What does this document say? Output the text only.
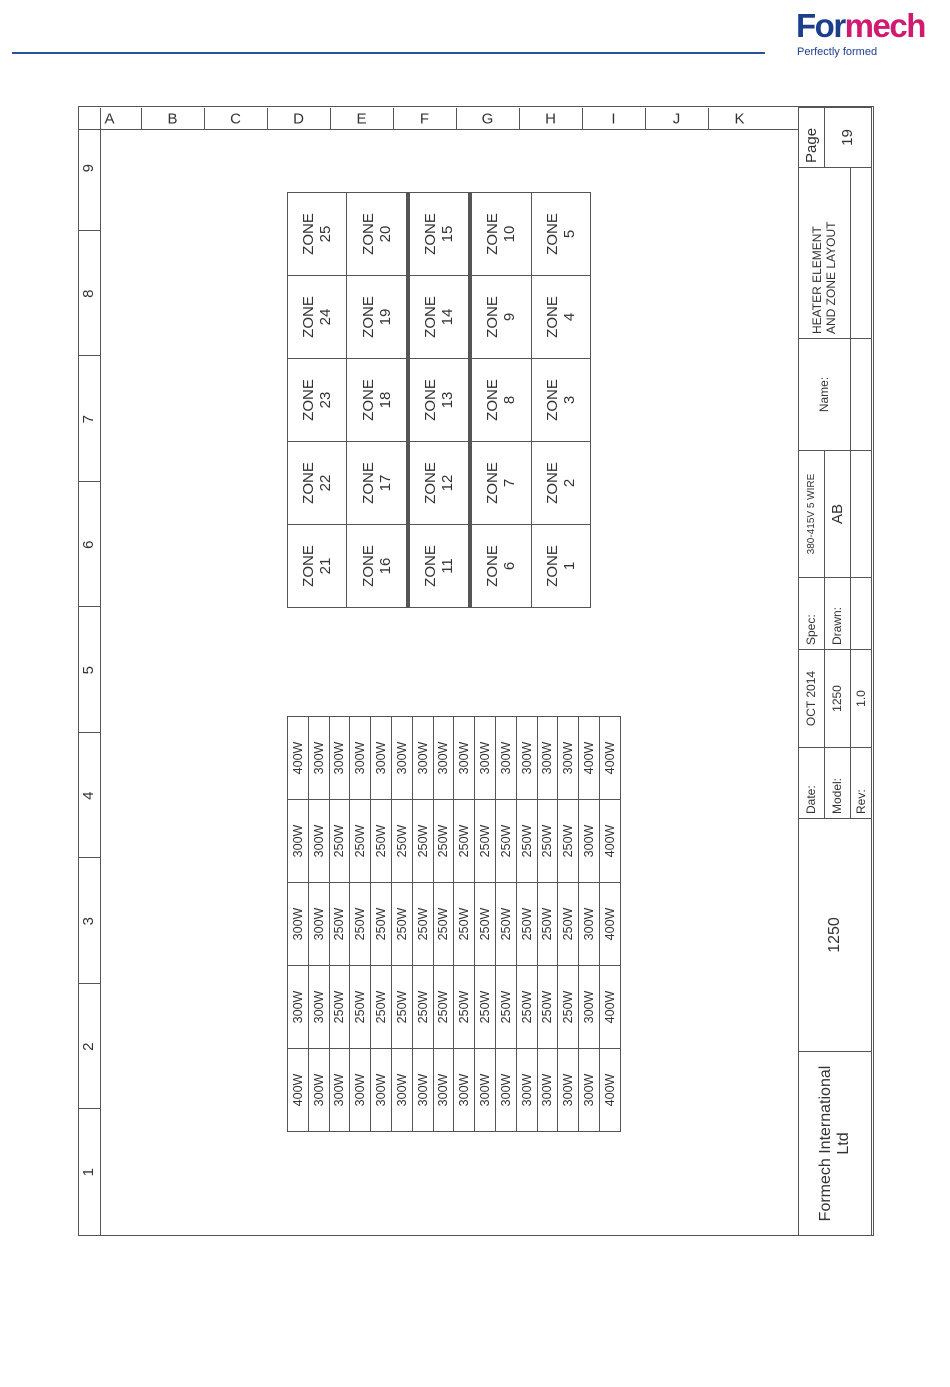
Formech
Perfectly formed
1
2
3
4
5
6
7
8
9
A	B	C	D	E	F	G	H	I	J	K
400W	300W	300W	300W	400W
300W	300W	300W	300W	300W
300W	250W	250W	250W	300W
300W	250W	250W	250W	300W
300W	250W	250W	250W	300W
300W	250W	250W	250W	300W
300W	250W	250W	250W	300W
300W	250W	250W	250W	300W
300W	250W	250W	250W	300W
300W	250W	250W	250W	300W
300W	250W	250W	250W	300W
300W	250W	250W	250W	300W
300W	250W	250W	250W	300W
300W	250W	250W	250W	300W
300W	300W	300W	300W	400W
400W	400W	400W	400W	400W
ZONE 21	ZONE 22	ZONE 23	ZONE 24	ZONE 25

ZONE 16	ZONE 17	ZONE 18	ZONE 19	ZONE 20

ZONE 11	ZONE 12	ZONE 13	ZONE 14	ZONE 15

ZONE 6	ZONE 7	ZONE 8	ZONE 9	ZONE 10

ZONE 1	ZONE 2	ZONE 3	ZONE 4	ZONE 5
Formech International Ltd	1250	Date:	OCT 2014	Spec:	380-415V 5 WIRE	Name:	HEATER ELEMENT AND ZONE LAYOUT	Page
		Model:	1250	Drawn:	AB			19
		Rev:	1.0					
